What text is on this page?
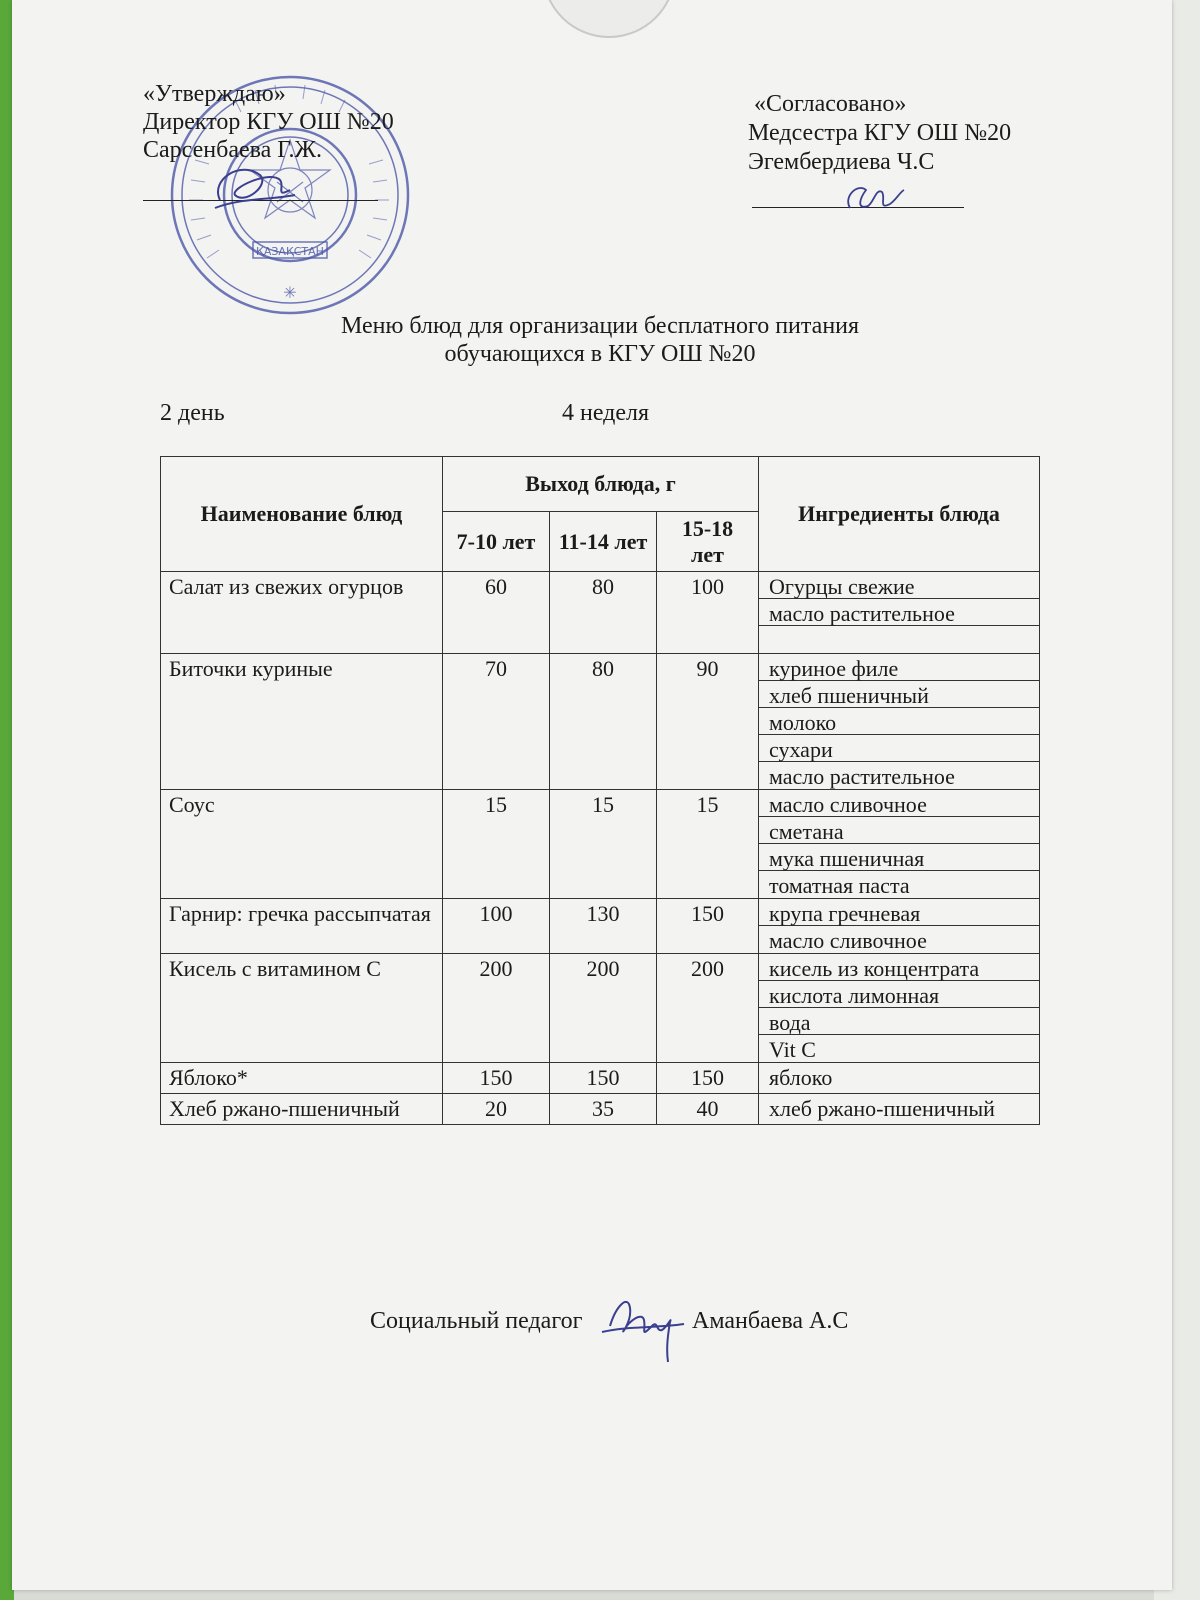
ҚАЗАҚСТАН
✳
«Утверждаю»
Директор КГУ ОШ №20
Сарсенбаева Г.Ж.
«Согласовано»
Медсестра КГУ ОШ №20
Эгембердиева Ч.С
Меню блюд для организации бесплатного питания
обучающихся в КГУ ОШ №20
2 день	4 неделя
Наименование блюд	Выход блюда, г			Ингредиенты блюда
	7-10 лет	11-14 лет	15-18 лет	
Салат из свежих огурцов	60	80	100	Огурцы свежие
масло растительное

Биточки куриные	70	80	90	куриное филе
хлеб пшеничный
молоко
сухари
масло растительное

Соус	15	15	15	масло сливочное
сметана
мука пшеничная
томатная паста

Гарнир: гречка рассыпчатая	100	130	150	крупа гречневая
масло сливочное

Кисель с витамином С	200	200	200	кисель из концентрата
кислота лимонная
вода
Vit C

Яблоко*	150	150	150	яблоко

Хлеб ржано-пшеничный	20	35	40	хлеб ржано-пшеничный
Социальный педагог	Аманбаева А.С
